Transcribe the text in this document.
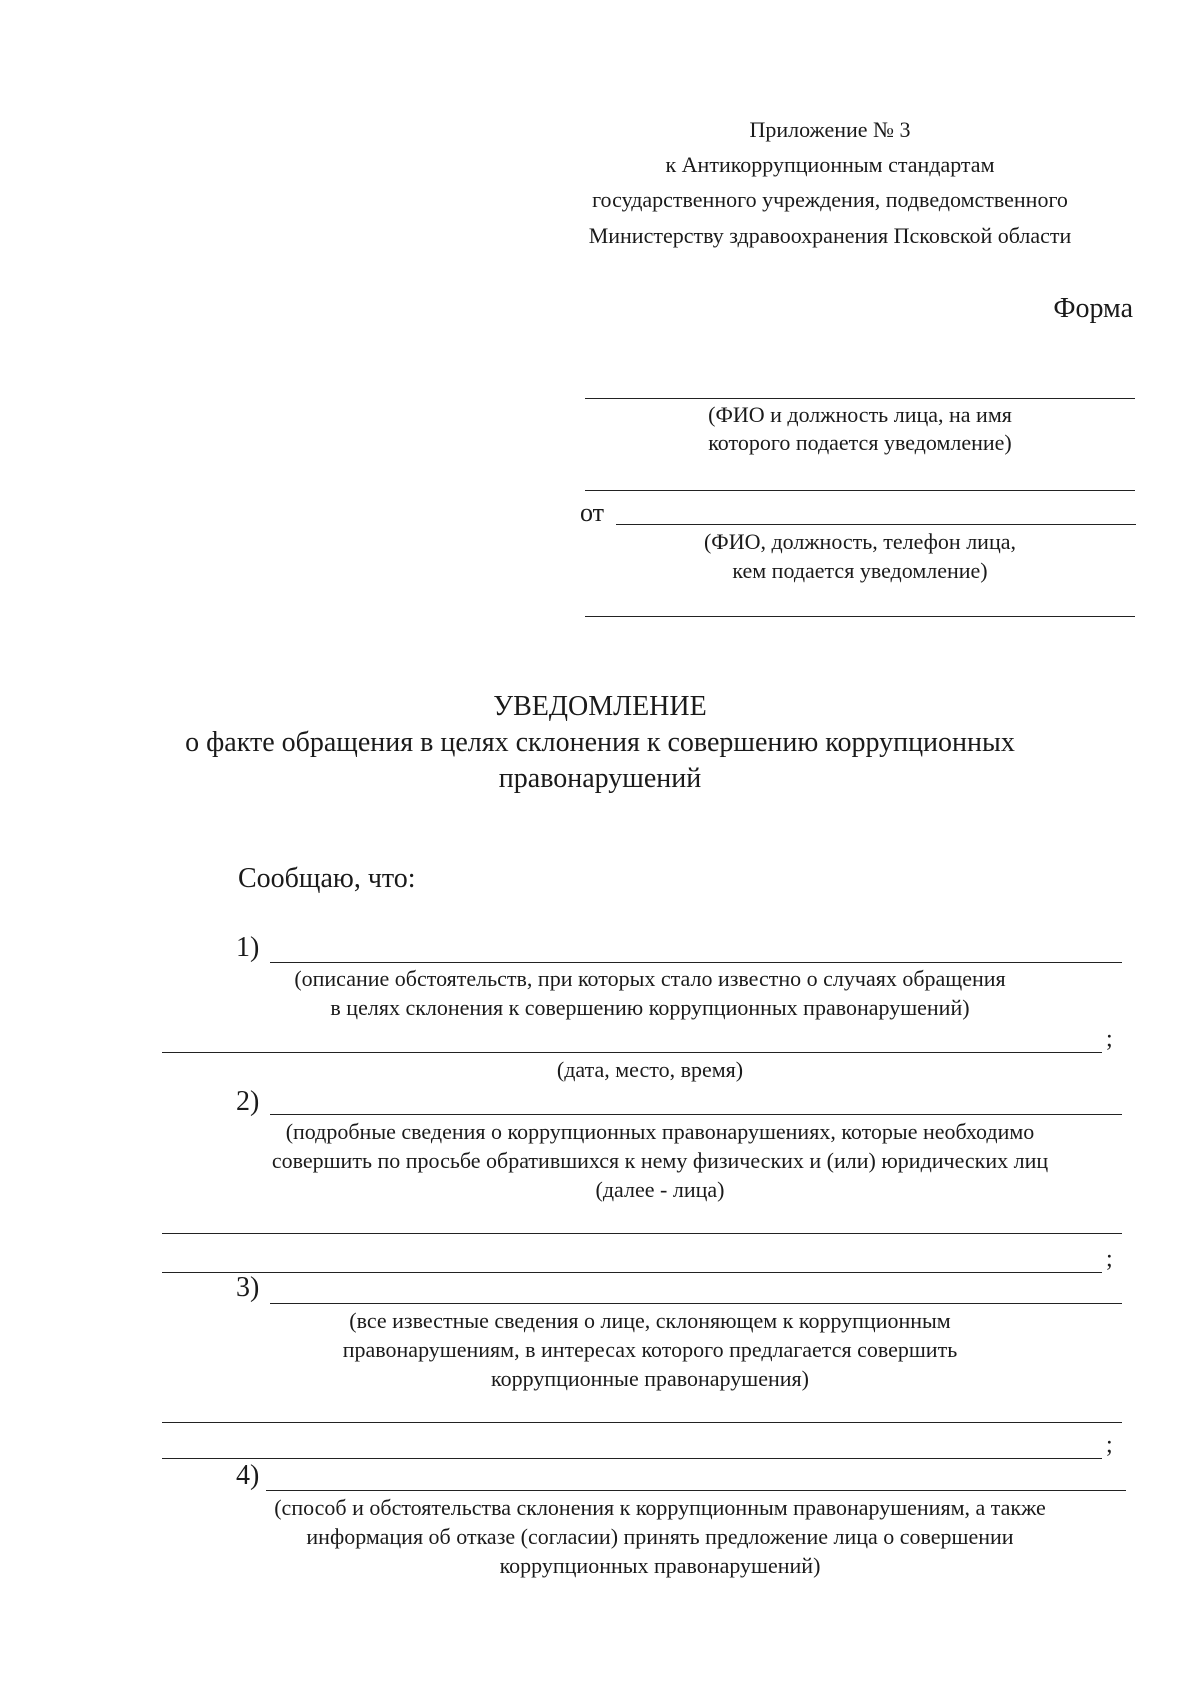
Приложение № 3
к Антикоррупционным стандартам
государственного учреждения, подведомственного
Министерству здравоохранения Псковской области
Форма
(ФИО и должность лица, на имя
которого подается уведомление)
от
(ФИО, должность, телефон лица,
кем подается уведомление)
УВЕДОМЛЕНИЕ
о факте обращения в целях склонения к совершению коррупционных
правонарушений
Сообщаю, что:
1)
(описание обстоятельств, при которых стало известно о случаях обращения
в целях склонения к совершению коррупционных правонарушений)
;
(дата, место, время)
2)
(подробные сведения о коррупционных правонарушениях, которые необходимо
совершить по просьбе обратившихся к нему физических и (или) юридических лиц
(далее - лица)
;
3)
(все известные сведения о лице, склоняющем к коррупционным
правонарушениям, в интересах которого предлагается совершить
коррупционные правонарушения)
;
4)
(способ и обстоятельства склонения к коррупционным правонарушениям, а также
информация об отказе (согласии) принять предложение лица о совершении
коррупционных правонарушений)
